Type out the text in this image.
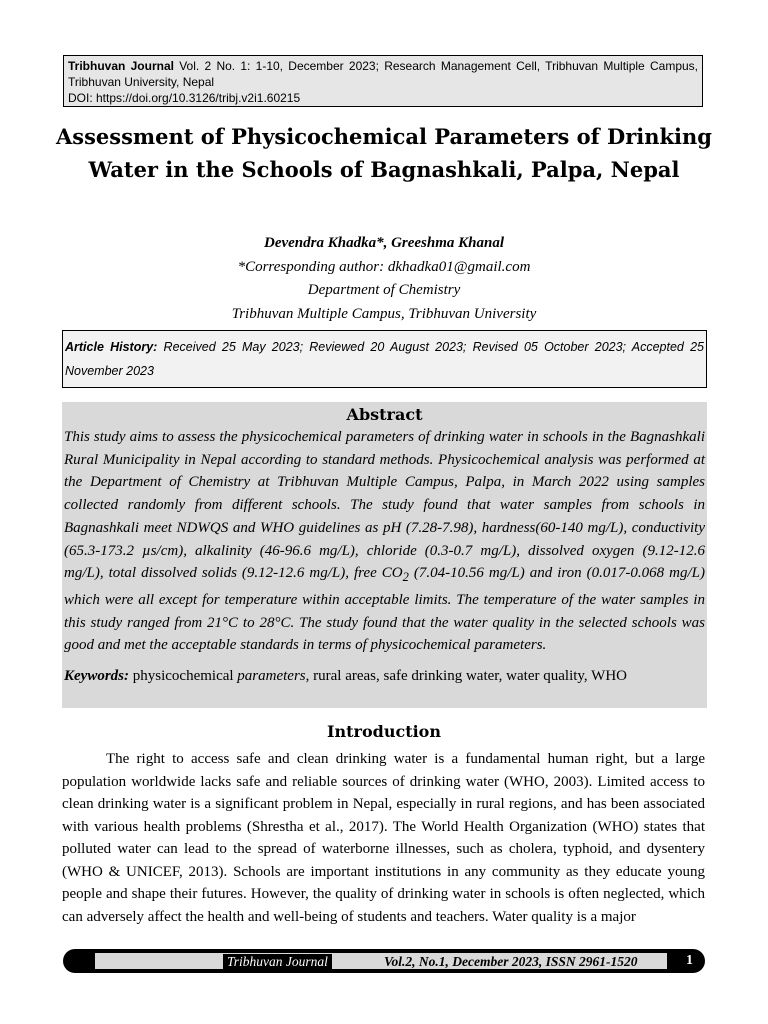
Tribhuvan Journal Vol. 2 No. 1: 1-10, December 2023; Research Management Cell, Tribhuvan Multiple Campus, Tribhuvan University, Nepal
DOI: https://doi.org/10.3126/tribj.v2i1.60215
Assessment of Physicochemical Parameters of Drinking Water in the Schools of Bagnashkali, Palpa, Nepal
Devendra Khadka*, Greeshma Khanal
*Corresponding author: dkhadka01@gmail.com
Department of Chemistry
Tribhuvan Multiple Campus, Tribhuvan University
Article History: Received 25 May 2023; Reviewed 20 August 2023; Revised 05 October 2023; Accepted 25 November 2023
Abstract

This study aims to assess the physicochemical parameters of drinking water in schools in the Bagnashkali Rural Municipality in Nepal according to standard methods. Physicochemical analysis was performed at the Department of Chemistry at Tribhuvan Multiple Campus, Palpa, in March 2022 using samples collected randomly from different schools. The study found that water samples from schools in Bagnashkali meet NDWQS and WHO guidelines as pH (7.28-7.98), hardness(60-140 mg/L), conductivity (65.3-173.2 µs/cm), alkalinity (46-96.6 mg/L), chloride (0.3-0.7 mg/L), dissolved oxygen (9.12-12.6 mg/L), total dissolved solids (9.12-12.6 mg/L), free $CO_2$ (7.04-10.56 mg/L) and iron (0.017-0.068 mg/L) which were all except for temperature within acceptable limits. The temperature of the water samples in this study ranged from 21°C to 28°C. The study found that the water quality in the selected schools was good and met the acceptable standards in terms of physicochemical parameters.

Keywords: physicochemical parameters, rural areas, safe drinking water, water quality, WHO
Introduction

The right to access safe and clean drinking water is a fundamental human right, but a large population worldwide lacks safe and reliable sources of drinking water (WHO, 2003). Limited access to clean drinking water is a significant problem in Nepal, especially in rural regions, and has been associated with various health problems (Shrestha et al., 2017). The World Health Organization (WHO) states that polluted water can lead to the spread of waterborne illnesses, such as cholera, typhoid, and dysentery (WHO & UNICEF, 2013). Schools are important institutions in any community as they educate young people and shape their futures. However, the quality of drinking water in schools is often neglected, which can adversely affect the health and well-being of students and teachers. Water quality is a major

Tribhuvan Journal	Vol.2, No.1, December 2023, ISSN 2961-1520	1
